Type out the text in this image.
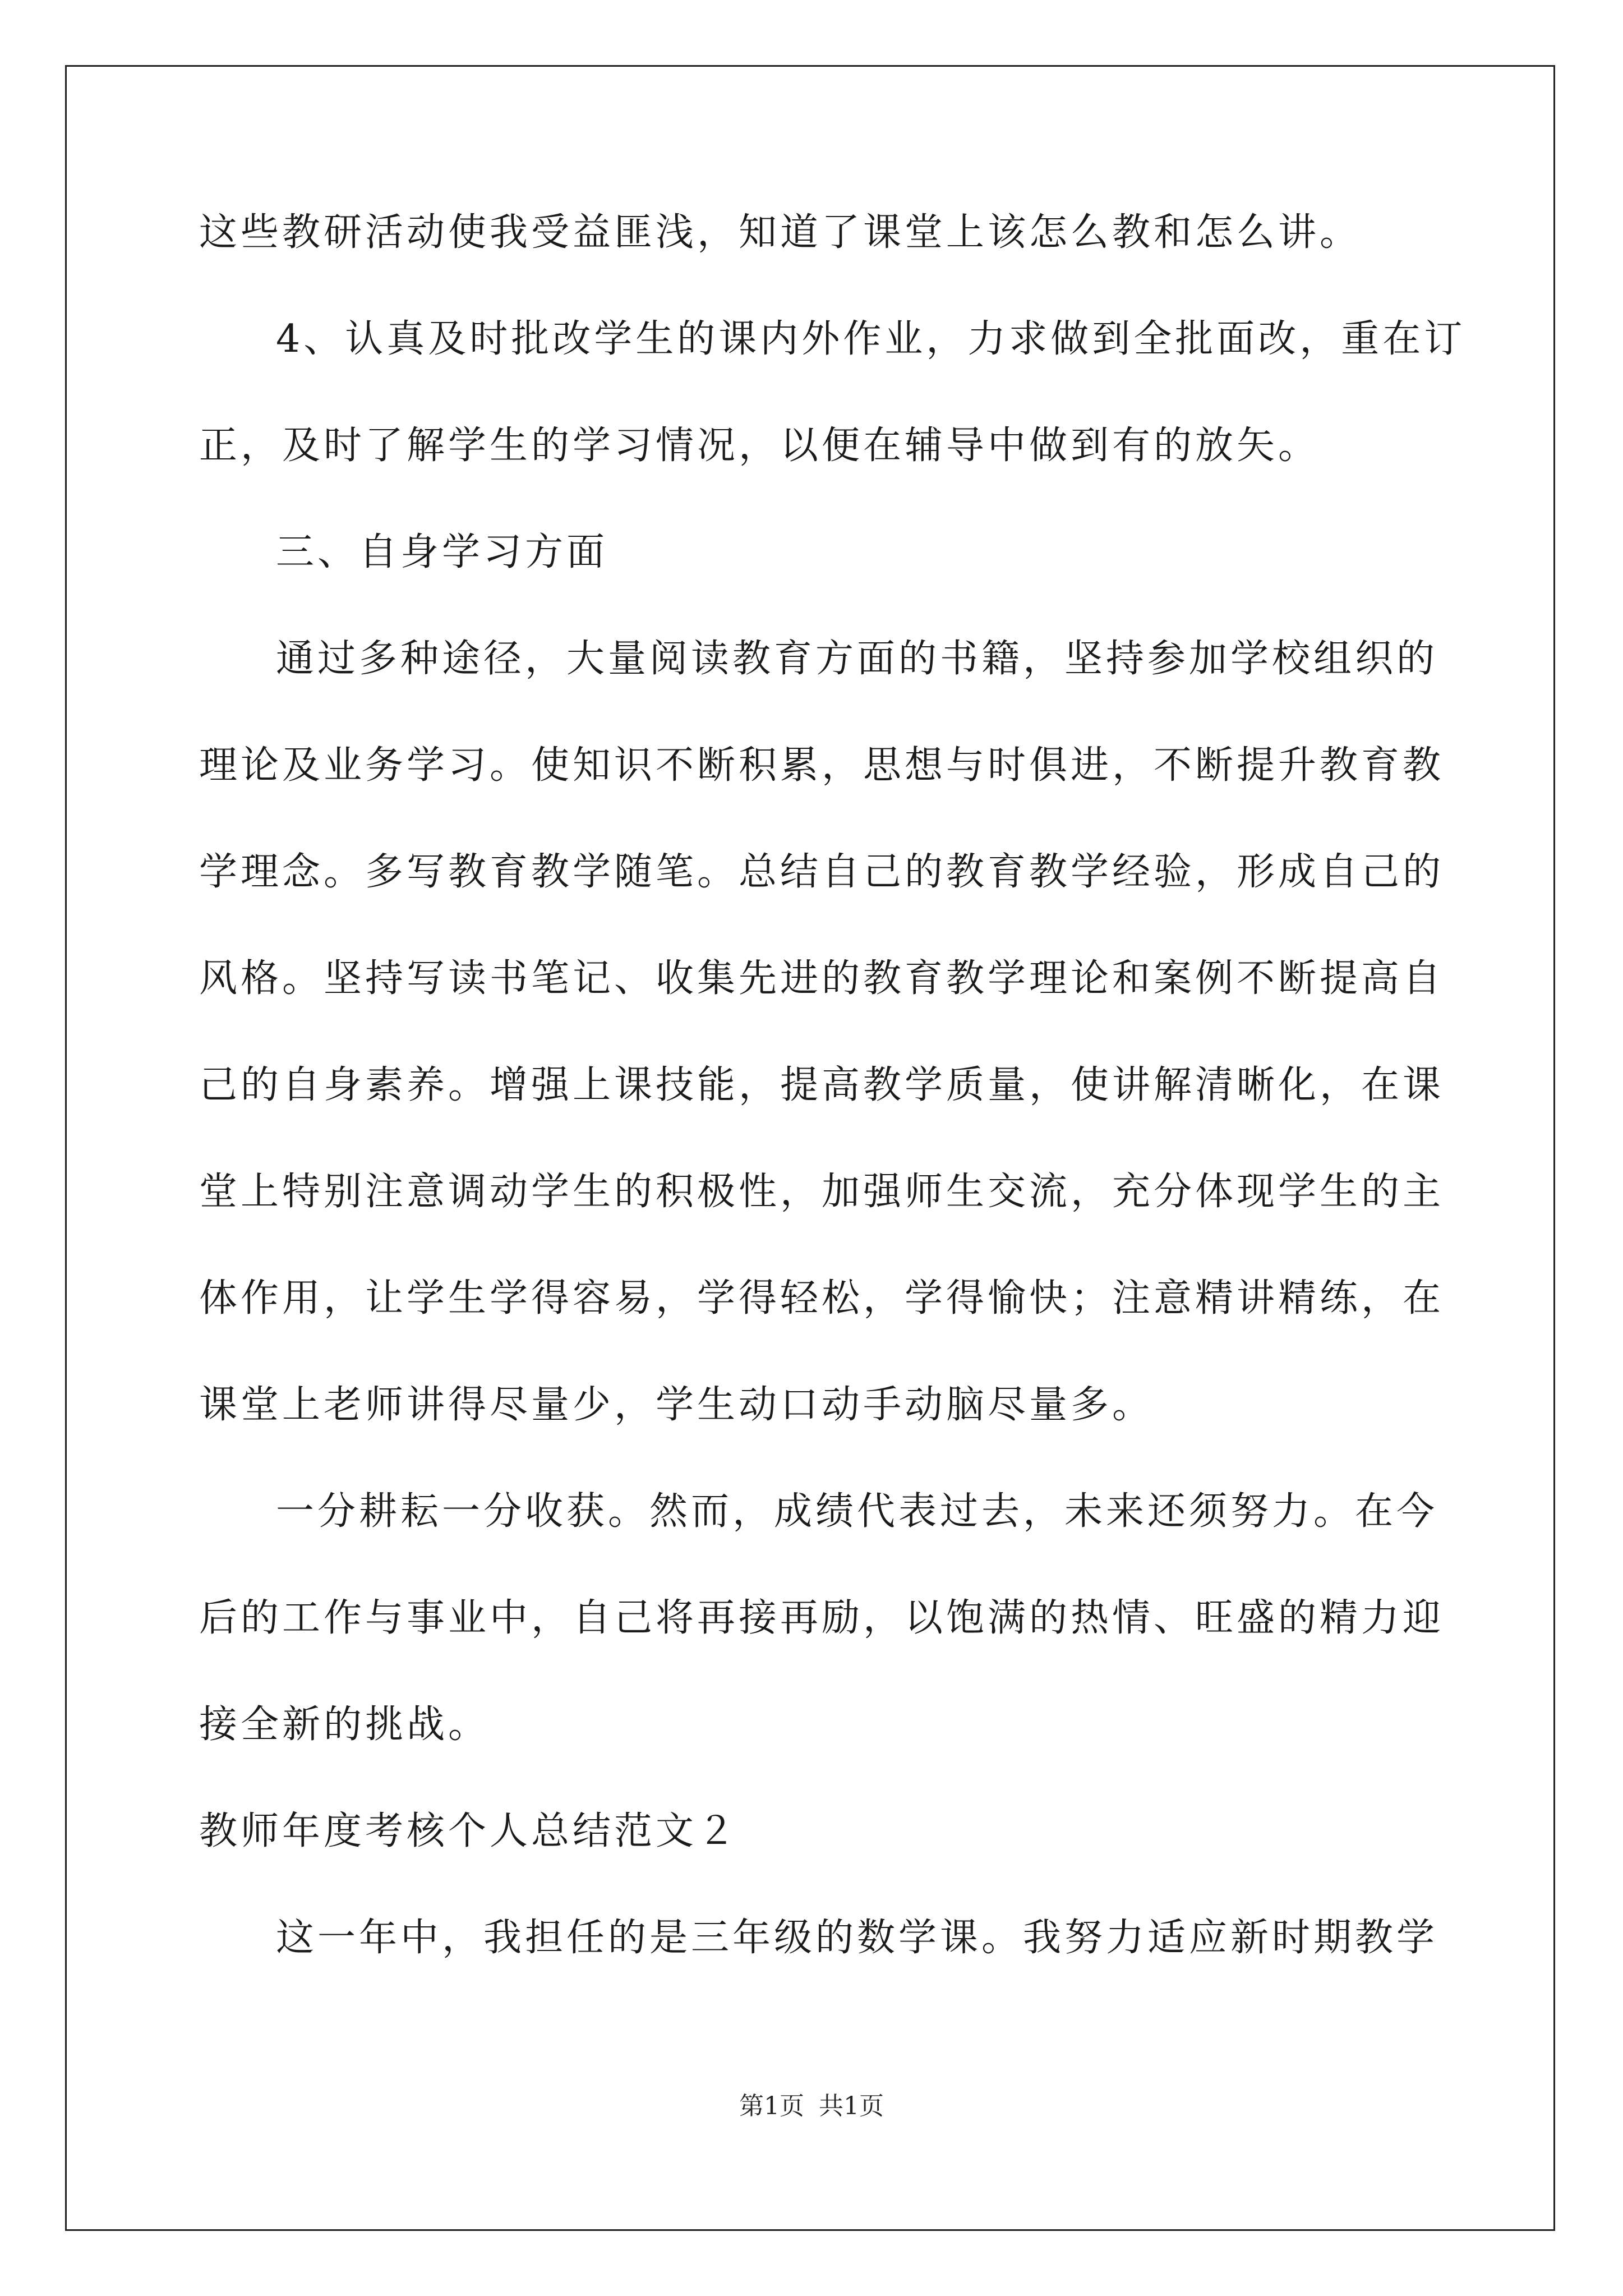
这些教研活动使我受益匪浅，知道了课堂上该怎么教和怎么讲。
4、认真及时批改学生的课内外作业，力求做到全批面改，重在订
正，及时了解学生的学习情况，以便在辅导中做到有的放矢。
三、自身学习方面
通过多种途径，大量阅读教育方面的书籍，坚持参加学校组织的
理论及业务学习。使知识不断积累，思想与时俱进，不断提升教育教
学理念。多写教育教学随笔。总结自己的教育教学经验，形成自己的
风格。坚持写读书笔记、收集先进的教育教学理论和案例不断提高自
己的自身素养。增强上课技能，提高教学质量，使讲解清晰化，在课
堂上特别注意调动学生的积极性，加强师生交流，充分体现学生的主
体作用，让学生学得容易，学得轻松，学得愉快；注意精讲精练，在
课堂上老师讲得尽量少，学生动口动手动脑尽量多。
一分耕耘一分收获。然而，成绩代表过去，未来还须努力。在今
后的工作与事业中，自己将再接再励，以饱满的热情、旺盛的精力迎
接全新的挑战。
教师年度考核个人总结范文２
这一年中，我担任的是三年级的数学课。我努力适应新时期教学
第1页 共1页
